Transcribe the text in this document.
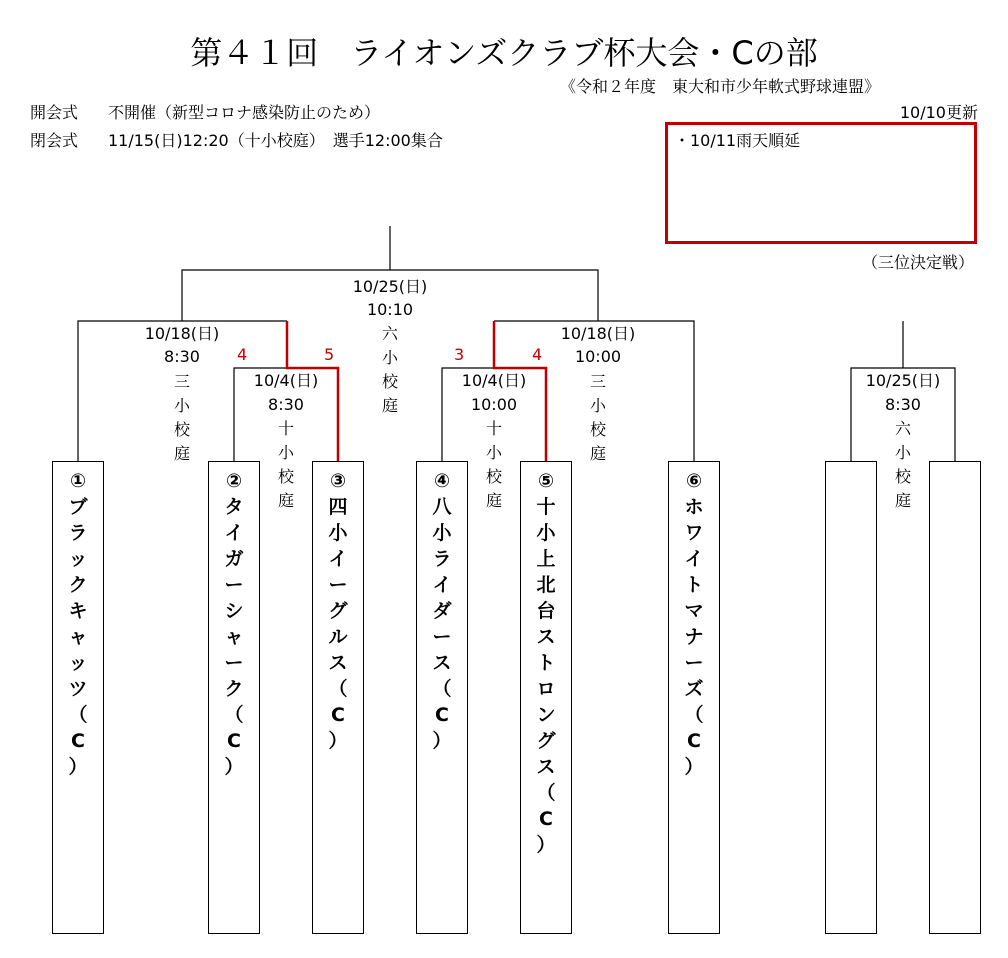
第４１回　ライオンズクラブ杯大会・Cの部
《令和２年度　東大和市少年軟式野球連盟》
開会式 不開催（新型コロナ感染防止のため）
閉会式 11/15(日)12:20（十小校庭）　選手12:00集合
10/10更新
・10/11雨天順延
（三位決定戦）
10/25(日)
10:10
六
小
校
庭
10/18(日)
8:30
三
小
校
庭
10/18(日)
10:00
三
小
校
庭
10/4(日)
8:30
十
小
校
庭
4	5
10/4(日)
10:00
十
小
校
庭
3	4
10/25(日)
8:30
六
小
校
庭
①
ブ
ラ
ッ
ク
キ
ャ
ッ
ツ
（
C
）
②
タ
イ
ガ
ー
シ
ャ
ー
ク
（
C
）
③
四
小
イ
ー
グ
ル
ス
（
C
）
④
八
小
ラ
イ
ダ
ー
ス
（
C
）
⑤
十
小
上
北
台
ス
ト
ロ
ン
グ
ス
（
C
）
⑥
ホ
ワ
イ
ト
マ
ナ
ー
ズ
（
C
）
